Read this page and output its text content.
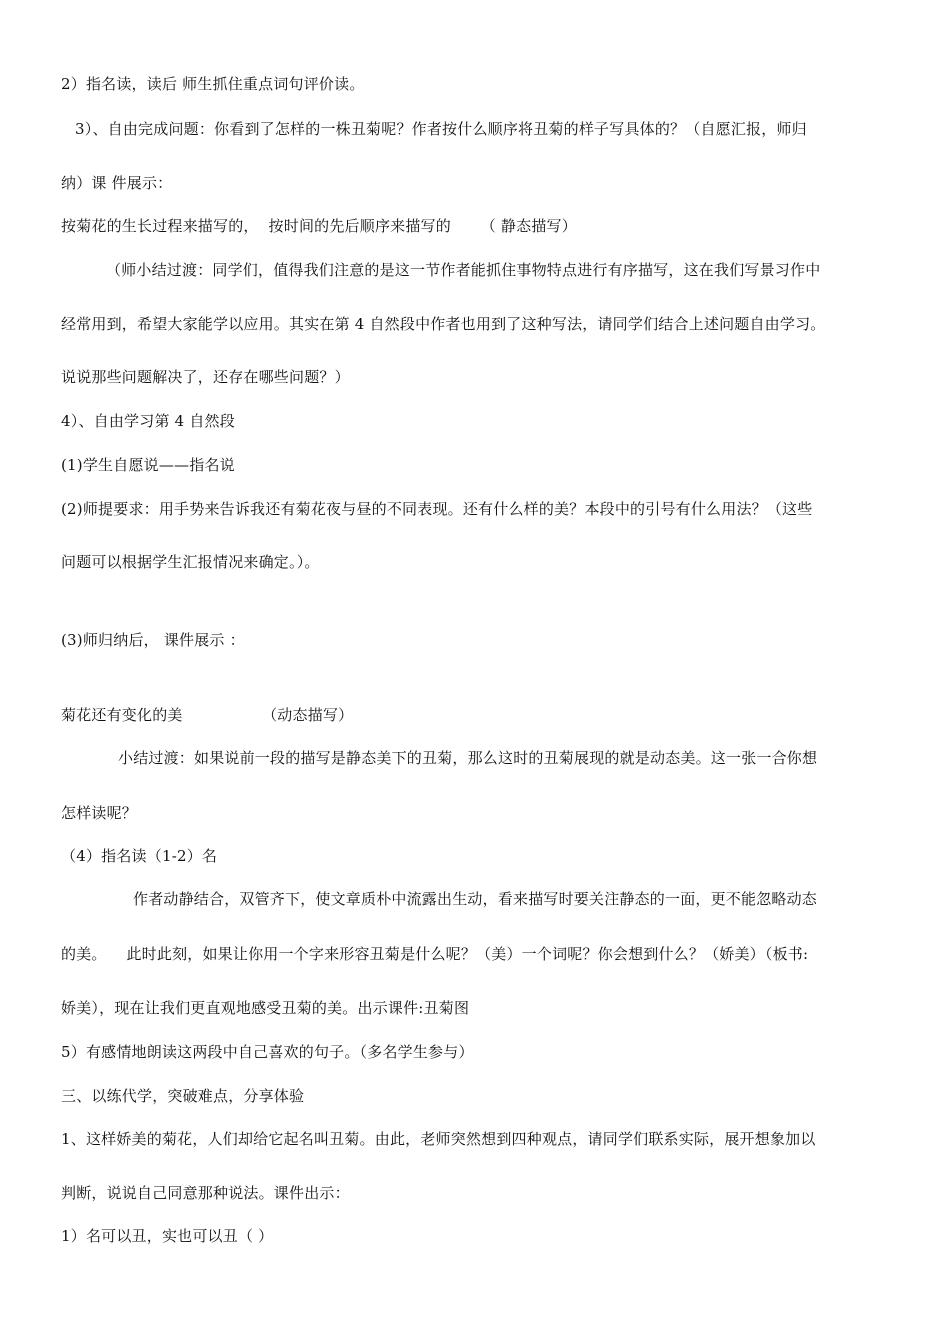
2）指名读，读后 师生抓住重点词句评价读。
3）、自由完成问题：你看到了怎样的一株丑菊呢？作者按什么顺序将丑菊的样子写具体的？（自愿汇报，师归
纳）课 件展示：
按菊花的生长过程来描写的，  按时间的先后顺序来描写的      （ 静态描写）
（师小结过渡：同学们，值得我们注意的是这一节作者能抓住事物特点进行有序描写，这在我们写景习作中
经常用到，希望大家能学以应用。其实在第 4 自然段中作者也用到了这种写法，请同学们结合上述问题自由学习。
说说那些问题解决了，还存在哪些问题？）
4）、自由学习第 4 自然段
(1)学生自愿说——指名说
(2)师提要求：用手势来告诉我还有菊花夜与昼的不同表现。还有什么样的美？本段中的引号有什么用法？（这些
问题可以根据学生汇报情况来确定。）。
(3)师归纳后， 课件展示 ：
菊花还有变化的美                （动态描写）
小结过渡：如果说前一段的描写是静态美下的丑菊，那么这时的丑菊展现的就是动态美。这一张一合你想
怎样读呢？
（4）指名读（1-2）名
作者动静结合，双管齐下，使文章质朴中流露出生动，看来描写时要关注静态的一面，更不能忽略动态
的美。    此时此刻，如果让你用一个字来形容丑菊是什么呢？（美）一个词呢？你会想到什么？（娇美）（板书:
娇美），现在让我们更直观地感受丑菊的美。出示课件:丑菊图
5）有感情地朗读这两段中自己喜欢的句子。（多名学生参与）
三、以练代学，突破难点，分享体验
1、这样娇美的菊花，人们却给它起名叫丑菊。由此，老师突然想到四种观点，请同学们联系实际，展开想象加以
判断，说说自己同意那种说法。课件出示：
1）名可以丑，实也可以丑（ ）
